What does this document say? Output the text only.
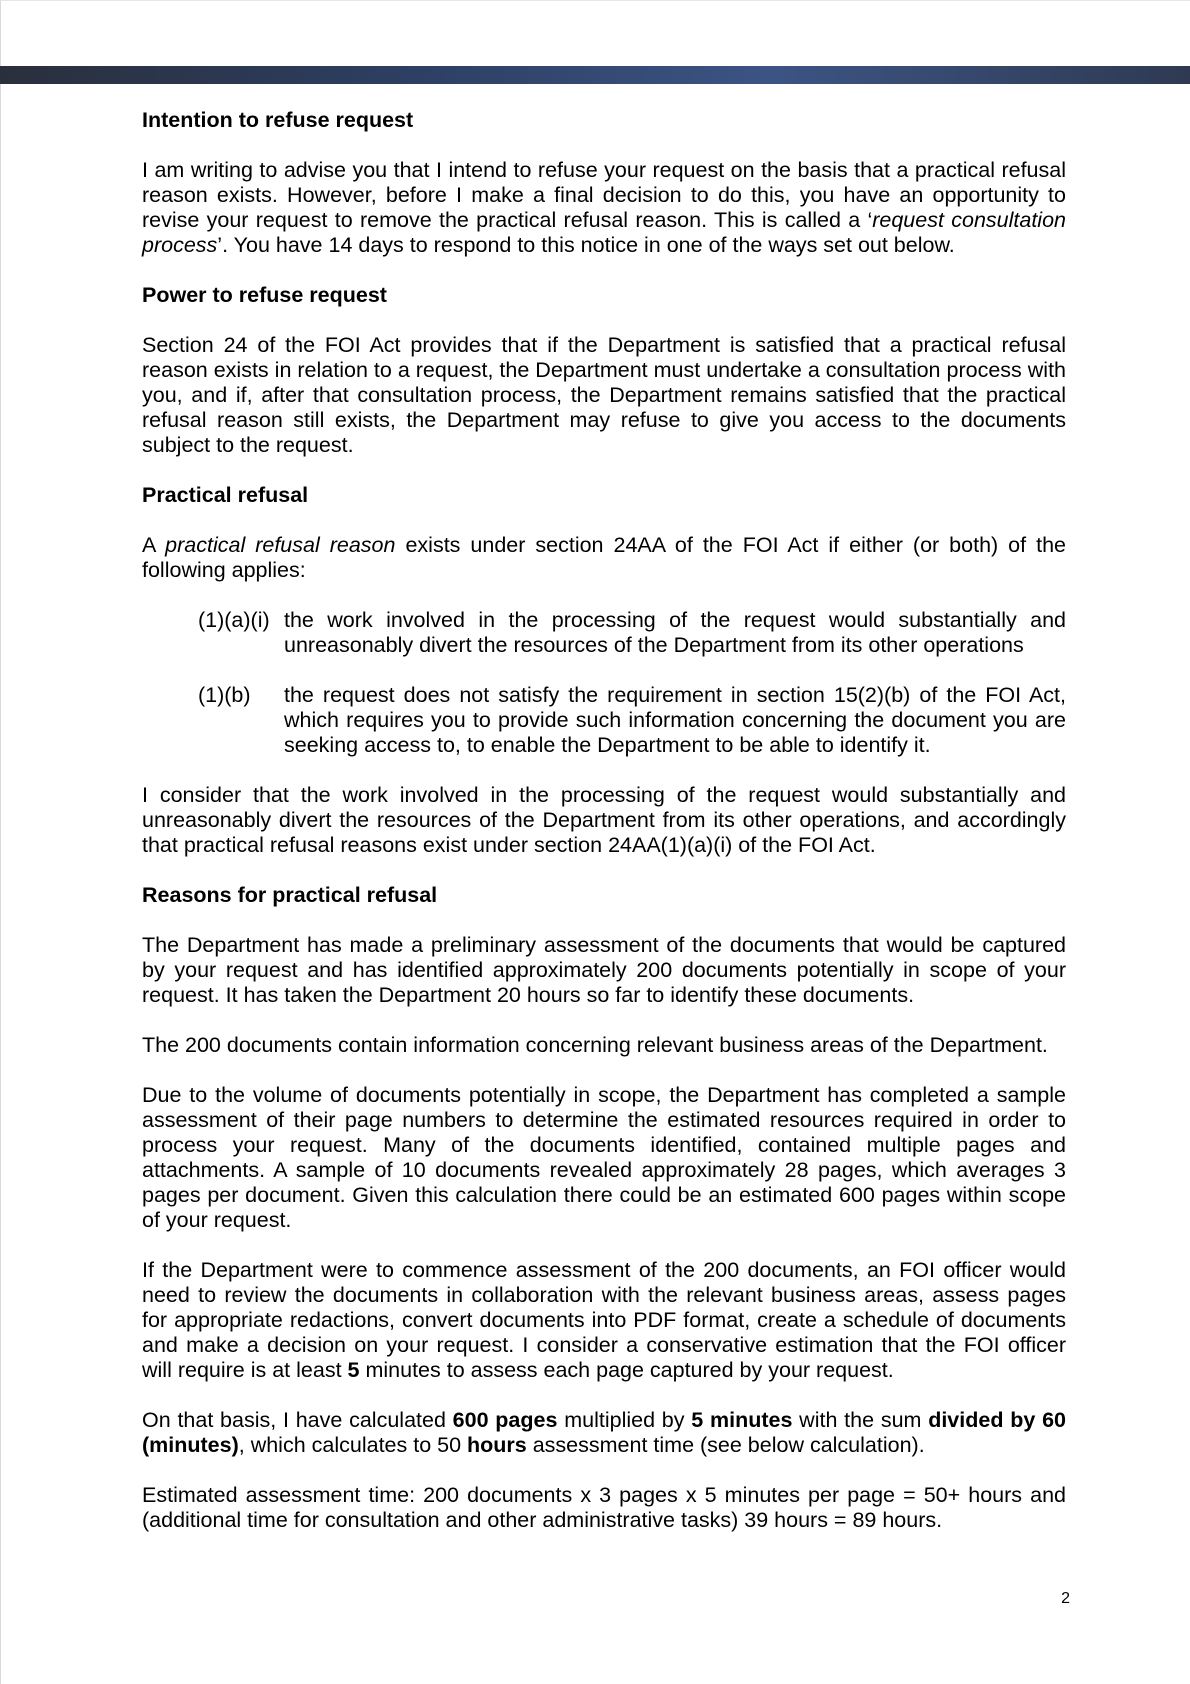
Intention to refuse request

I am writing to advise you that I intend to refuse your request on the basis that a practical refusal reason exists. However, before I make a final decision to do this, you have an opportunity to revise your request to remove the practical refusal reason. This is called a ‘request consultation process’. You have 14 days to respond to this notice in one of the ways set out below.

Power to refuse request

Section 24 of the FOI Act provides that if the Department is satisfied that a practical refusal reason exists in relation to a request, the Department must undertake a consultation process with you, and if, after that consultation process, the Department remains satisfied that the practical refusal reason still exists, the Department may refuse to give you access to the documents subject to the request.

Practical refusal

A practical refusal reason exists under section 24AA of the FOI Act if either (or both) of the following applies:

(1)(a)(i) the work involved in the processing of the request would substantially and unreasonably divert the resources of the Department from its other operations
(1)(b)	the request does not satisfy the requirement in section 15(2)(b) of the FOI Act, which requires you to provide such information concerning the document you are seeking access to, to enable the Department to be able to identify it.

I consider that the work involved in the processing of the request would substantially and unreasonably divert the resources of the Department from its other operations, and accordingly that practical refusal reasons exist under section 24AA(1)(a)(i) of the FOI Act.

Reasons for practical refusal

The Department has made a preliminary assessment of the documents that would be captured by your request and has identified approximately 200 documents potentially in scope of your request. It has taken the Department 20 hours so far to identify these documents.

The 200 documents contain information concerning relevant business areas of the Department.

Due to the volume of documents potentially in scope, the Department has completed a sample assessment of their page numbers to determine the estimated resources required in order to process your request. Many of the documents identified, contained multiple pages and attachments. A sample of 10 documents revealed approximately 28 pages, which averages 3 pages per document. Given this calculation there could be an estimated 600 pages within scope of your request.

If the Department were to commence assessment of the 200 documents, an FOI officer would need to review the documents in collaboration with the relevant business areas, assess pages for appropriate redactions, convert documents into PDF format, create a schedule of documents and make a decision on your request. I consider a conservative estimation that the FOI officer will require is at least 5 minutes to assess each page captured by your request.

On that basis, I have calculated 600 pages multiplied by 5 minutes with the sum divided by 60 (minutes), which calculates to 50 hours assessment time (see below calculation).

Estimated assessment time: 200 documents x 3 pages x 5 minutes per page = 50+ hours and (additional time for consultation and other administrative tasks) 39 hours = 89 hours.

2
